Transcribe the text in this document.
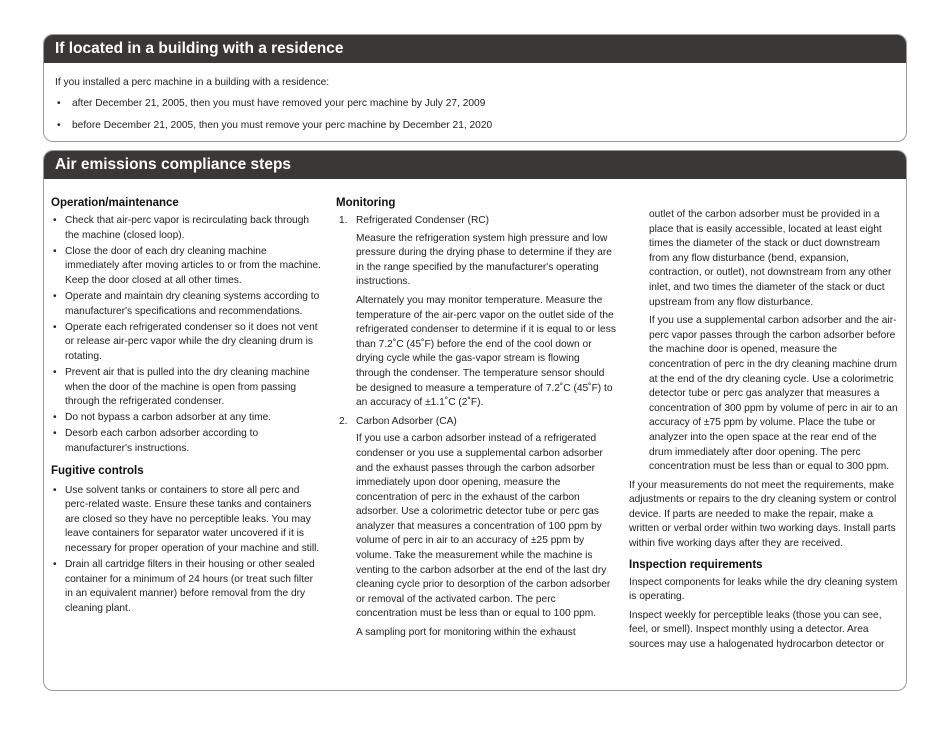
If located in a building with a residence

If you installed a perc machine in a building with a residence:

• after December 21, 2005, then you must have removed your perc machine by July 27, 2009
• before December 21, 2005, then you must remove your perc machine by December 21, 2020
Air emissions compliance steps
Operation/maintenance
• Check that air-perc vapor is recirculating back through the machine (closed loop).
• Close the door of each dry cleaning machine immediately after moving articles to or from the machine. Keep the door closed at all other times.
• Operate and maintain dry cleaning systems according to manufacturer's specifications and recommendations.
• Operate each refrigerated condenser so it does not vent or release air-perc vapor while the dry cleaning drum is rotating.
• Prevent air that is pulled into the dry cleaning machine when the door of the machine is open from passing through the refrigerated condenser.
• Do not bypass a carbon adsorber at any time.
• Desorb each carbon adsorber according to manufacturer's instructions.
Fugitive controls
• Use solvent tanks or containers to store all perc and perc-related waste. Ensure these tanks and containers are closed so they have no perceptible leaks. You may leave containers for separator water uncovered if it is necessary for proper operation of your machine and still.
• Drain all cartridge filters in their housing or other sealed container for a minimum of 24 hours (or treat such filter in an equivalent manner) before removal from the dry cleaning plant.
Monitoring
1. Refrigerated Condenser (RC)

Measure the refrigeration system high pressure and low pressure during the drying phase to determine if they are in the range specified by the manufacturer's operating instructions.

Alternately you may monitor temperature. Measure the temperature of the air-perc vapor on the outlet side of the refrigerated condenser to determine if it is equal to or less than 7.2˚C (45˚F) before the end of the cool down or drying cycle while the gas-vapor stream is flowing through the condenser. The temperature sensor should be designed to measure a temperature of 7.2˚C (45˚F) to an accuracy of ±1.1˚C (2˚F).

2. Carbon Adsorber (CA)

If you use a carbon adsorber instead of a refrigerated condenser or you use a supplemental carbon adsorber and the exhaust passes through the carbon adsorber immediately upon door opening, measure the concentration of perc in the exhaust of the carbon adsorber. Use a colorimetric detector tube or perc gas analyzer that measures a concentration of 100 ppm by volume of perc in air to an accuracy of ±25 ppm by volume. Take the measurement while the machine is venting to the carbon adsorber at the end of the last dry cleaning cycle prior to desorption of the carbon adsorber or removal of the activated carbon. The perc concentration must be less than or equal to 100 ppm.

A sampling port for monitoring within the exhaust

outlet of the carbon adsorber must be provided in a place that is easily accessible, located at least eight times the diameter of the stack or duct downstream from any flow disturbance (bend, expansion, contraction, or outlet), not downstream from any other inlet, and two times the diameter of the stack or duct upstream from any flow disturbance.

If you use a supplemental carbon adsorber and the air-perc vapor passes through the carbon adsorber before the machine door is opened, measure the concentration of perc in the dry cleaning machine drum at the end of the dry cleaning cycle. Use a colorimetric detector tube or perc gas analyzer that measures a concentration of 300 ppm by volume of perc in air to an accuracy of ±75 ppm by volume. Place the tube or analyzer into the open space at the rear end of the drum immediately after door opening. The perc concentration must be less than or equal to 300 ppm.

If your measurements do not meet the requirements, make adjustments or repairs to the dry cleaning system or control device. If parts are needed to make the repair, make a written or verbal order within two working days. Install parts within five working days after they are received.

Inspection requirements

Inspect components for leaks while the dry cleaning system is operating.

Inspect weekly for perceptible leaks (those you can see, feel, or smell). Inspect monthly using a detector. Area sources may use a halogenated hydrocarbon detector or
